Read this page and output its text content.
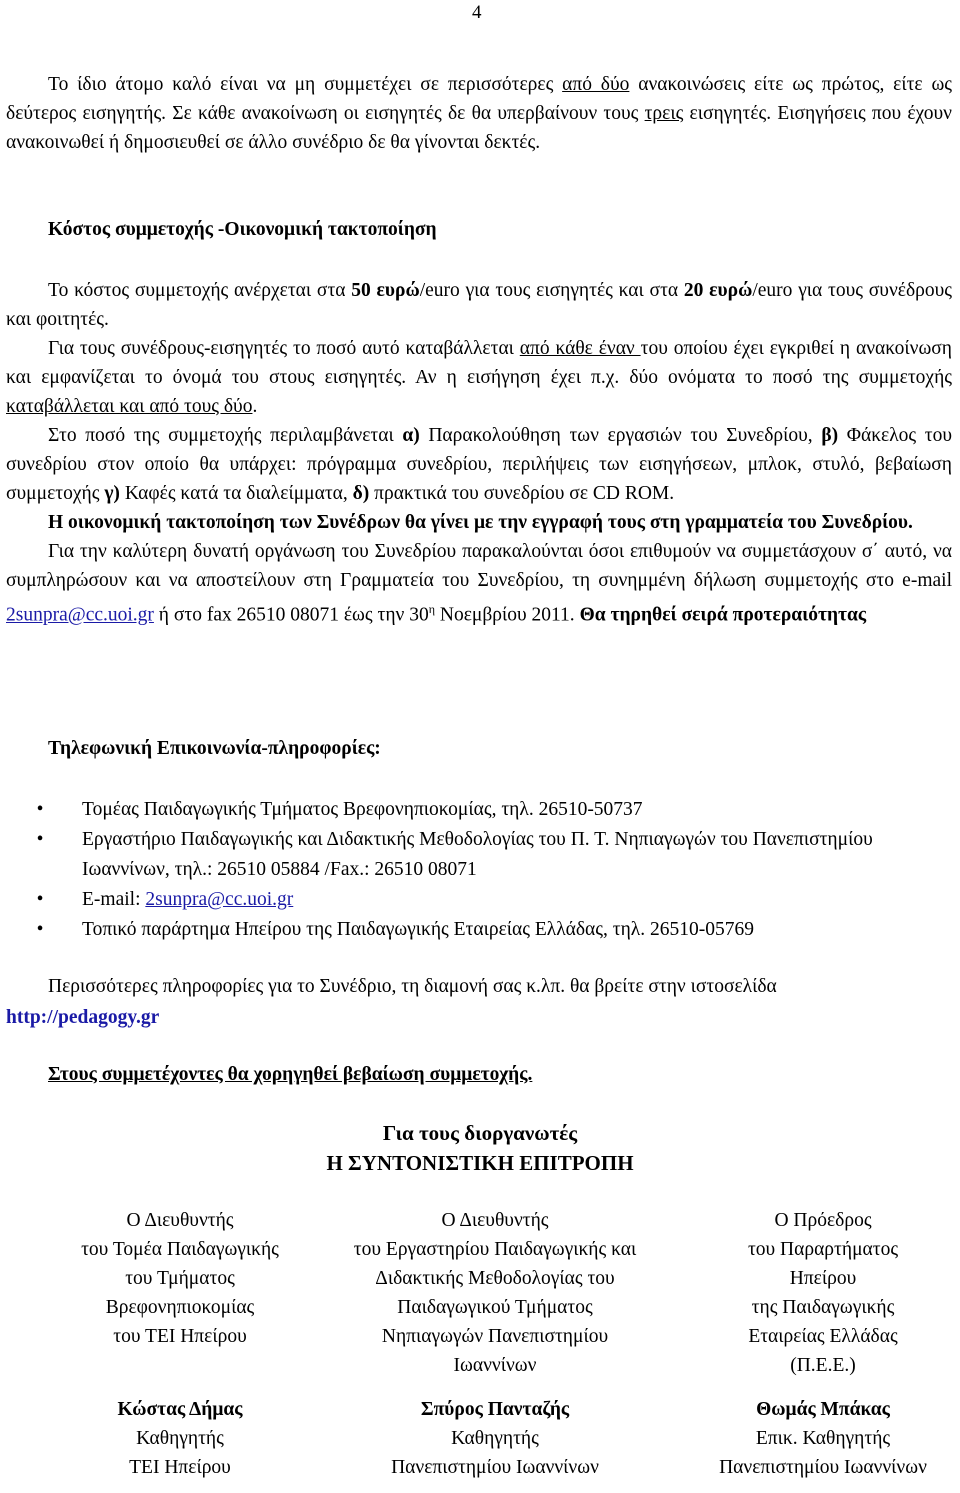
4
Το ίδιο άτομο καλό είναι να μη συμμετέχει σε περισσότερες από δύο ανακοινώσεις είτε ως πρώτος, είτε ως δεύτερος εισηγητής. Σε κάθε ανακοίνωση οι εισηγητές δε θα υπερβαίνουν τους τρεις εισηγητές. Εισηγήσεις που έχουν ανακοινωθεί ή δημοσιευθεί σε άλλο συνέδριο δε θα γίνονται δεκτές.
Κόστος συμμετοχής -Οικονομική τακτοποίηση
Το κόστος συμμετοχής ανέρχεται στα 50 ευρώ/euro για τους εισηγητές και στα 20 ευρώ/euro για τους συνέδρους και φοιτητές.
Για τους συνέδρους-εισηγητές το ποσό αυτό καταβάλλεται από κάθε έναν του οποίου έχει εγκριθεί η ανακοίνωση και εμφανίζεται το όνομά του στους εισηγητές. Αν η εισήγηση έχει π.χ. δύο ονόματα το ποσό της συμμετοχής καταβάλλεται και από τους δύο.
Στο ποσό της συμμετοχής περιλαμβάνεται α) Παρακολούθηση των εργασιών του Συνεδρίου, β) Φάκελος του συνεδρίου στον οποίο θα υπάρχει: πρόγραμμα συνεδρίου, περιλήψεις των εισηγήσεων, μπλοκ, στυλό, βεβαίωση συμμετοχής γ) Καφές κατά τα διαλείμματα, δ) πρακτικά του συνεδρίου σε CD ROM.
Η οικονομική τακτοποίηση των Συνέδρων θα γίνει με την εγγραφή τους στη γραμματεία του Συνεδρίου.
Για την καλύτερη δυνατή οργάνωση του Συνεδρίου παρακαλούνται όσοι επιθυμούν να συμμετάσχουν σ΄ αυτό, να συμπληρώσουν και να αποστείλουν στη Γραμματεία του Συνεδρίου, τη συνημμένη δήλωση συμμετοχής στο e-mail 2sunpra@cc.uoi.gr ή στο fax 26510 08071 έως την $30^\eta$ Νοεμβρίου 2011. Θα τηρηθεί σειρά προτεραιότητας
Τηλεφωνική Επικοινωνία-πληροφορίες:
•	Τομέας Παιδαγωγικής Τμήματος Βρεφονηπιοκομίας, τηλ. 26510-50737
•	Εργαστήριο Παιδαγωγικής και Διδακτικής Μεθοδολογίας του Π. Τ. Νηπιαγωγών του Πανεπιστημίου Ιωαννίνων, τηλ.: 26510 05884 /Fax.: 26510 08071
•	E-mail: 2sunpra@cc.uoi.gr
•	Τοπικό παράρτημα Ηπείρου της Παιδαγωγικής Εταιρείας Ελλάδας, τηλ. 26510-05769
Περισσότερες πληροφορίες για το Συνέδριο, τη διαμονή σας κ.λπ. θα βρείτε στην ιστοσελίδα
http://pedagogy.gr
Στους συμμετέχοντες θα χορηγηθεί βεβαίωση συμμετοχής.
Για τους διοργανωτές
Η ΣΥΝΤΟΝΙΣΤΙΚΗ ΕΠΙΤΡΟΠΗ
Ο Διευθυντής
του Τομέα Παιδαγωγικής
του Τμήματος
Βρεφονηπιοκομίας
του ΤΕΙ Ηπείρου
Κώστας Δήμας
Καθηγητής
ΤΕΙ Ηπείρου
Ο Διευθυντής
του Εργαστηρίου Παιδαγωγικής και
Διδακτικής Μεθοδολογίας του
Παιδαγωγικού Τμήματος
Νηπιαγωγών Πανεπιστημίου
Ιωαννίνων
Σπύρος Πανταζής
Καθηγητής
Πανεπιστημίου Ιωαννίνων
Ο Πρόεδρος
του Παραρτήματος
Ηπείρου
της Παιδαγωγικής
Εταιρείας Ελλάδας
(Π.Ε.Ε.)
Θωμάς Μπάκας
Επικ. Καθηγητής
Πανεπιστημίου Ιωαννίνων
